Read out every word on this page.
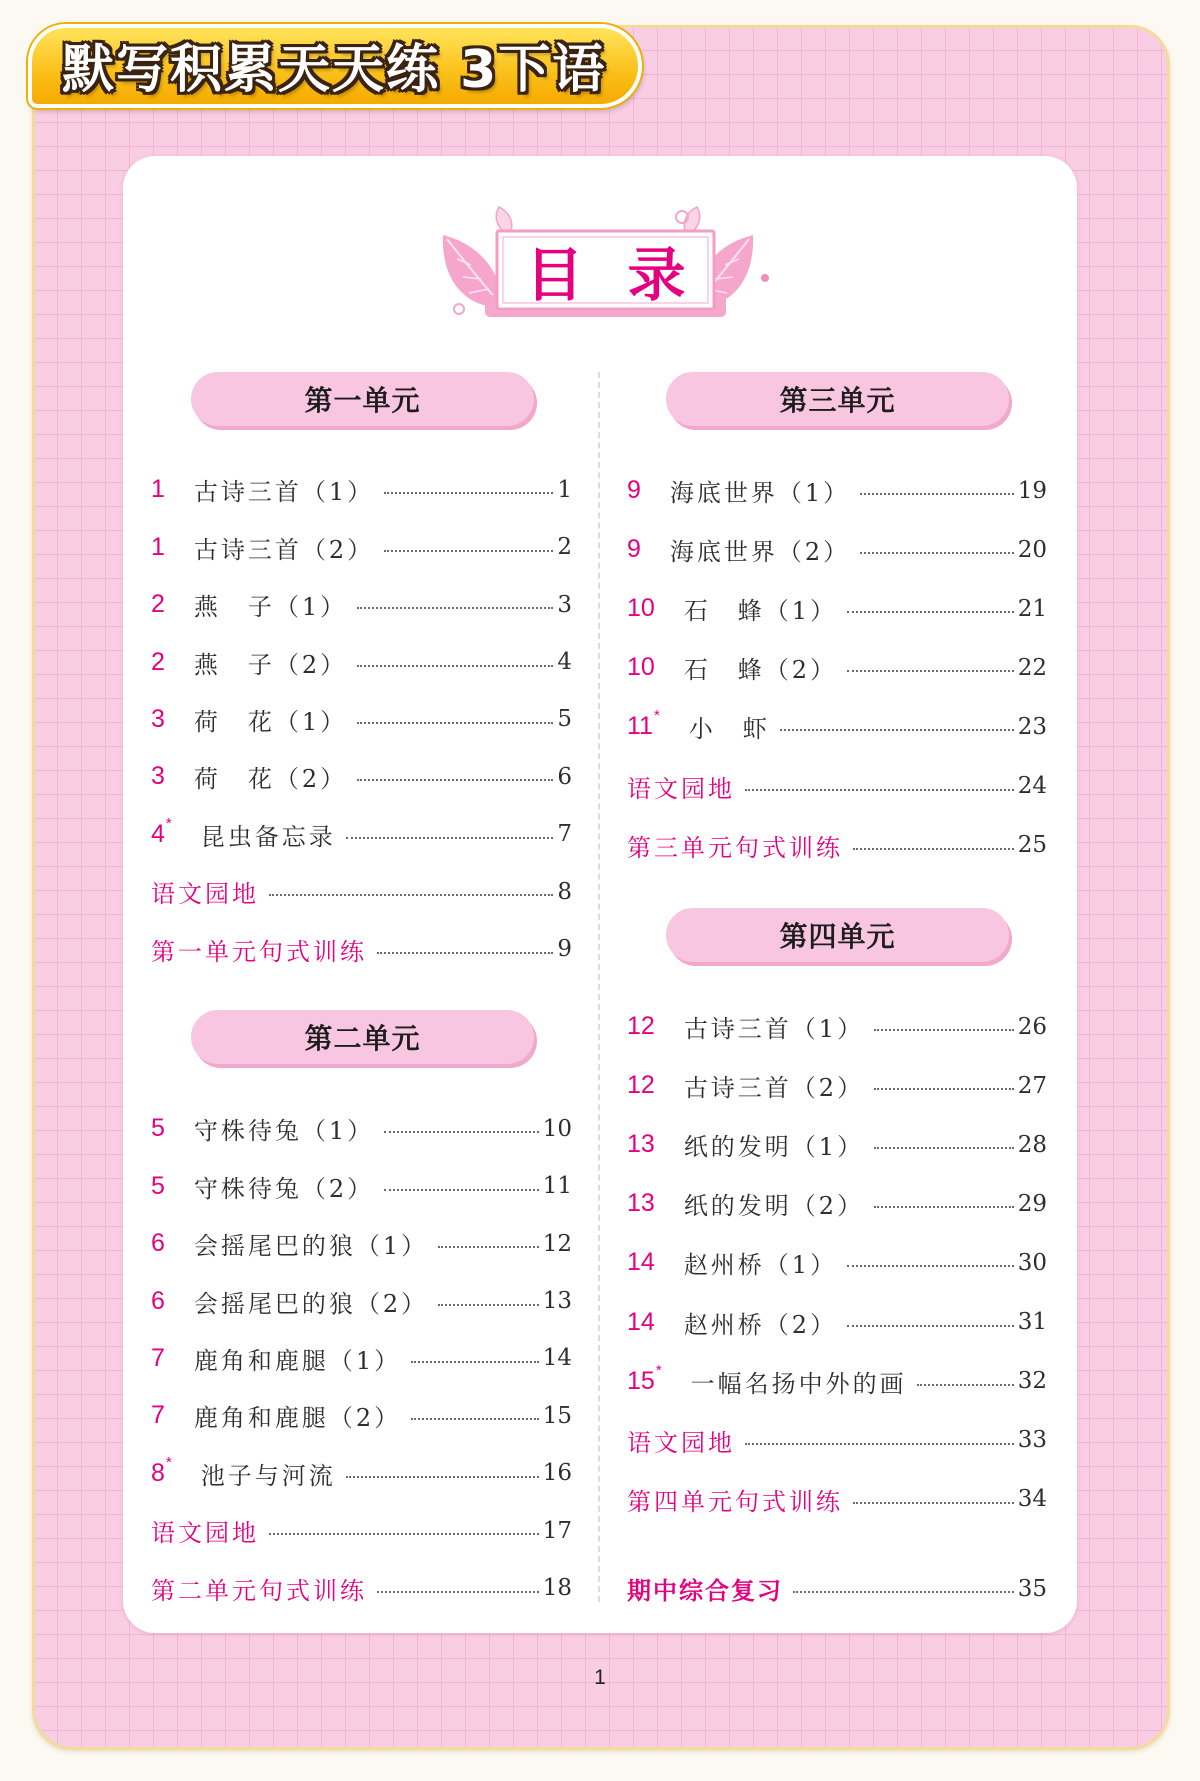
默写积累天天练 3下语
目录
第一单元
1 古诗三首（1）	1
1 古诗三首（2）	2
2 燕　子（1）	3
2 燕　子（2）	4
3 荷　花（1）	5
3 荷　花（2）	6
4 * 昆虫备忘录	7
语文园地	8
第一单元句式训练	9
第二单元
5 守株待兔（1）	10
5 守株待兔（2）	11
6 会摇尾巴的狼（1）	12
6 会摇尾巴的狼（2）	13
7 鹿角和鹿腿（1）	14
7 鹿角和鹿腿（2）	15
8 * 池子与河流	16
语文园地	17
第二单元句式训练	18
第三单元
9 海底世界（1）	19
9 海底世界（2）	20
10 石　蜂（1）	21
10 石　蜂（2）	22
11 * 小　虾	23
语文园地	24
第三单元句式训练	25
第四单元
12 古诗三首（1）	26
12 古诗三首（2）	27
13 纸的发明（1）	28
13 纸的发明（2）	29
14 赵州桥（1）	30
14 赵州桥（2）	31
15 * 一幅名扬中外的画	32
语文园地	33
第四单元句式训练	34
期中综合复习	35
1
